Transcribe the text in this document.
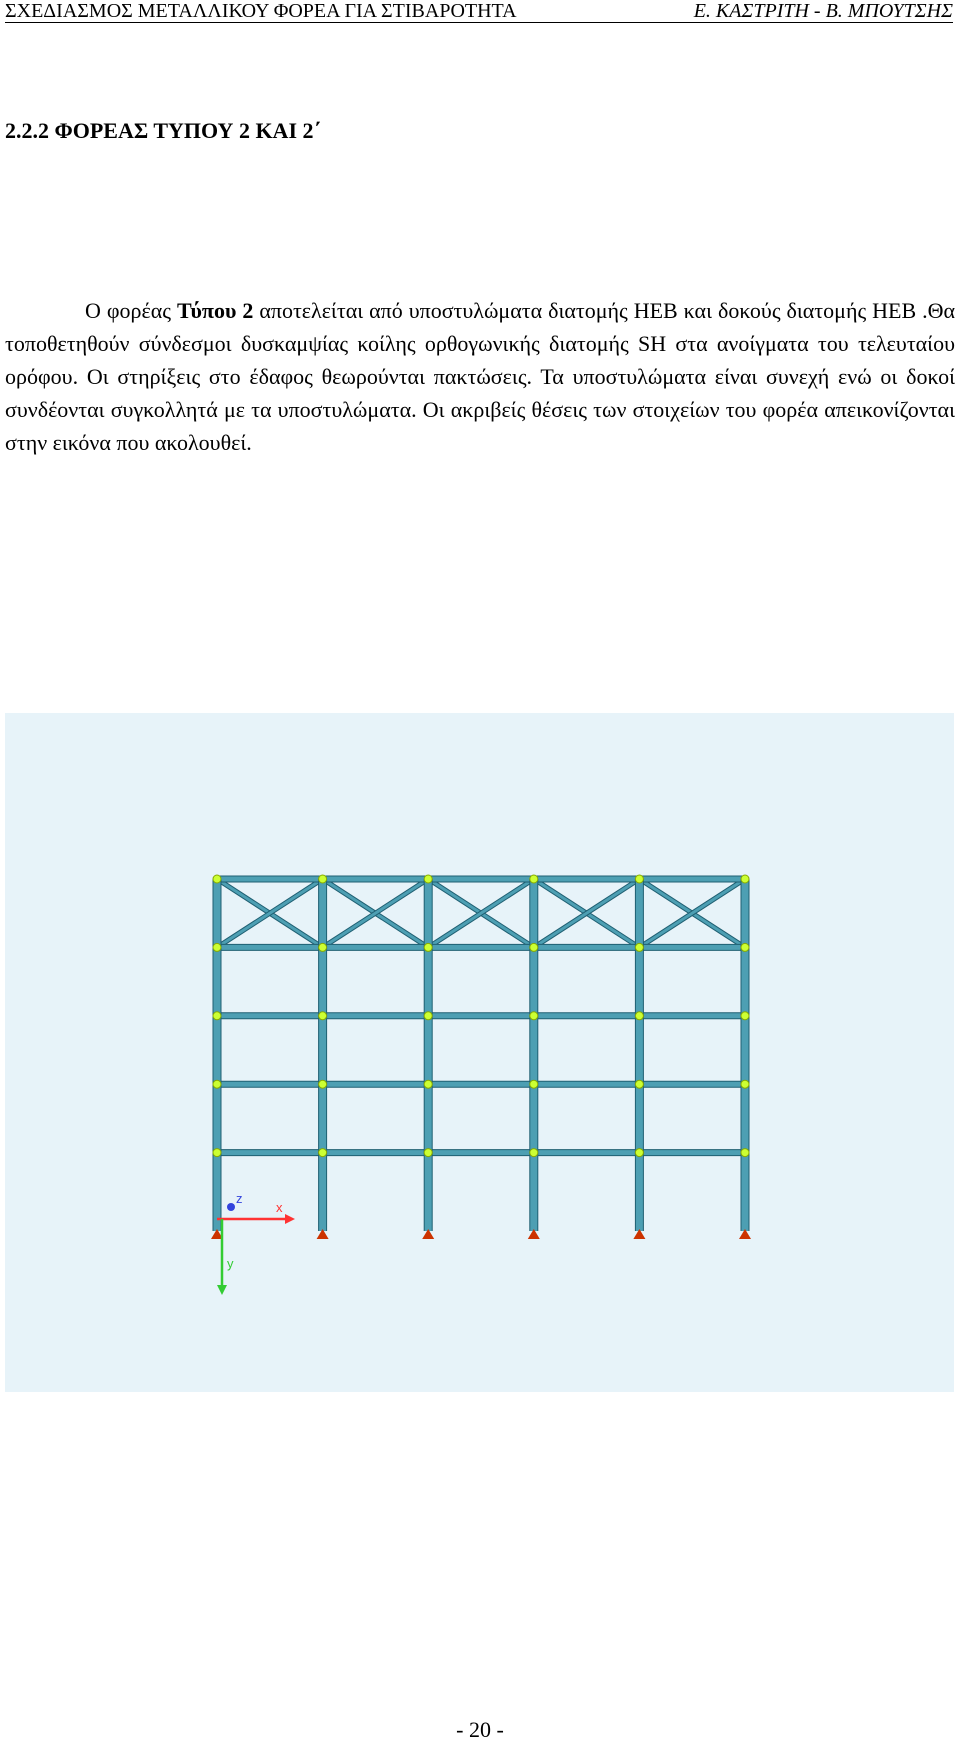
ΣΧΕΔΙΑΣΜΟΣ ΜΕΤΑΛΛΙΚΟΥ ΦΟΡΕΑ ΓΙΑ ΣΤΙΒΑΡΟΤΗΤΑ	Ε. ΚΑΣΤΡΙΤΗ - Β. ΜΠΟΥΤΣΗΣ
2.2.2 ΦΟΡΕΑΣ ΤΥΠΟΥ 2 ΚΑΙ 2΄

Ο φορέας Τύπου 2 αποτελείται από υποστυλώματα διατομής ΗΕΒ και δοκούς διατομής ΗΕΒ .Θα τοποθετηθούν σύνδεσμοι δυσκαμψίας κοίλης ορθογωνικής διατομής SH στα ανοίγματα του τελευταίου ορόφου. Οι στηρίξεις στο έδαφος θεωρούνται πακτώσεις. Τα υποστυλώματα είναι συνεχή ενώ οι δοκοί συνδέονται συγκολλητά με τα υποστυλώματα. Οι ακριβείς θέσεις των στοιχείων του φορέα απεικονίζονται στην εικόνα που ακολουθεί.

x
y
z
- 20 -
